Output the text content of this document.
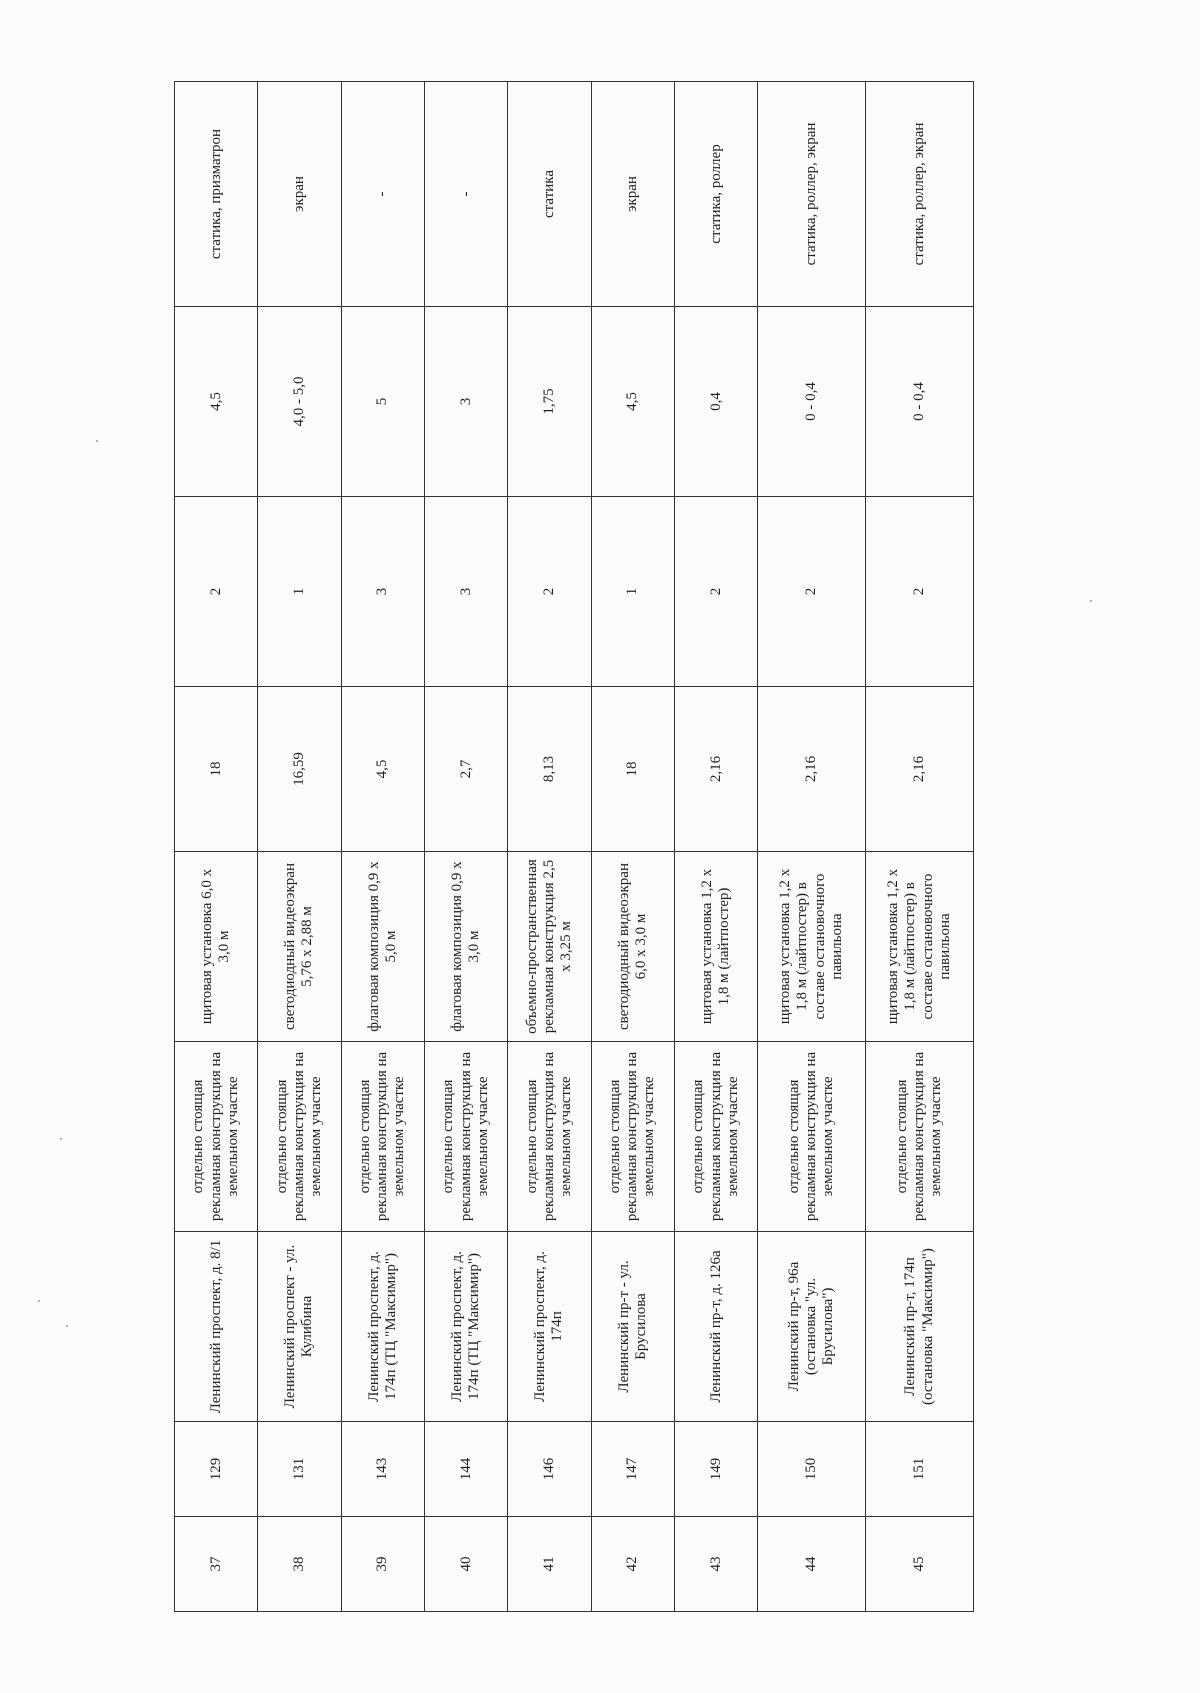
37	129	Ленинский проспект, д. 8/1	отдельно стоящая рекламная конструкция на земельном участке	щитовая установка 6,0 х 3,0 м	18	2	4,5	статика, призматрон
38	131	Ленинский проспект - ул. Кулибина	отдельно стоящая рекламная конструкция на земельном участке	светодиодный видеоэкран 5,76 х 2,88 м	16,59	1	4,0 - 5,0	экран
39	143	Ленинский проспект, д. 174п (ТЦ "Максимир")	отдельно стоящая рекламная конструкция на земельном участке	флаговая композиция 0,9 х 5,0 м	4,5	3	5	-
40	144	Ленинский проспект, д. 174п (ТЦ "Максимир")	отдельно стоящая рекламная конструкция на земельном участке	флаговая композиция 0,9 х 3,0 м	2,7	3	3	-
41	146	Ленинский проспект, д. 174п	отдельно стоящая рекламная конструкция на земельном участке	объемно-пространственная рекламная конструкция 2,5 х 3,25 м	8,13	2	1,75	статика
42	147	Ленинский пр-т - ул. Брусилова	отдельно стоящая рекламная конструкция на земельном участке	светодиодный видеоэкран 6,0 х 3,0 м	18	1	4,5	экран
43	149	Ленинский пр-т, д. 126а	отдельно стоящая рекламная конструкция на земельном участке	щитовая установка 1,2 х 1,8 м (лайтпостер)	2,16	2	0,4	статика, роллер
44	150	Ленинский пр-т, 96а (остановка "ул. Брусилова")	отдельно стоящая рекламная конструкция на земельном участке	щитовая установка 1,2 х 1,8 м (лайтпостер) в составе остановочного павильона	2,16	2	0 - 0,4	статика, роллер, экран
45	151	Ленинский пр-т, 174п (остановка "Максимир")	отдельно стоящая рекламная конструкция на земельном участке	щитовая установка 1,2 х 1,8 м (лайтпостер) в составе остановочного павильона	2,16	2	0 - 0,4	статика, роллер, экран
